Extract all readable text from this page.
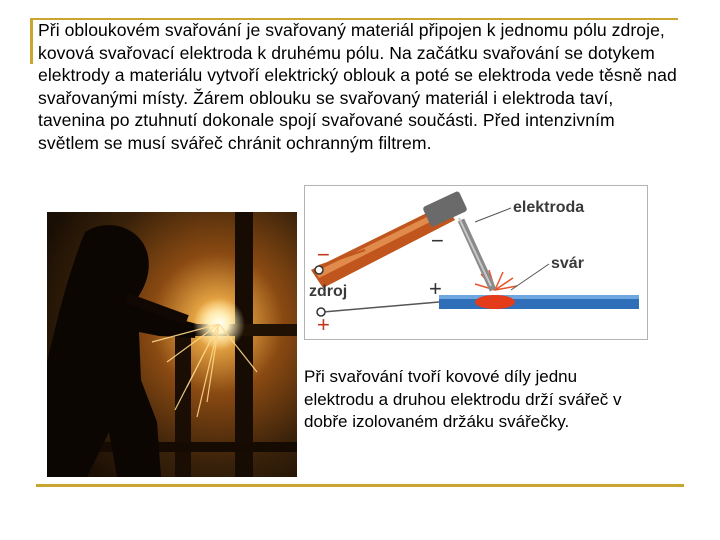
Při obloukovém svařování je svařovaný materiál připojen k jednomu pólu zdroje, kovová svařovací elektroda k druhému pólu. Na začátku svařování se dotykem elektrody a materiálu vytvoří elektrický oblouk a poté se elektroda vede těsně nad svařovanými místy. Žárem oblouku se svařovaný materiál i elektroda taví, tavenina po ztuhnutí dokonale spojí svařované součásti. Před intenzivním světlem se musí svářeč chránit ochranným filtrem.

−
+
−
+
elektroda
svár
zdroj

Při svařování tvoří kovové díly jednu elektrodu a druhou elektrodu drží svářeč v dobře izolovaném držáku svářečky.
